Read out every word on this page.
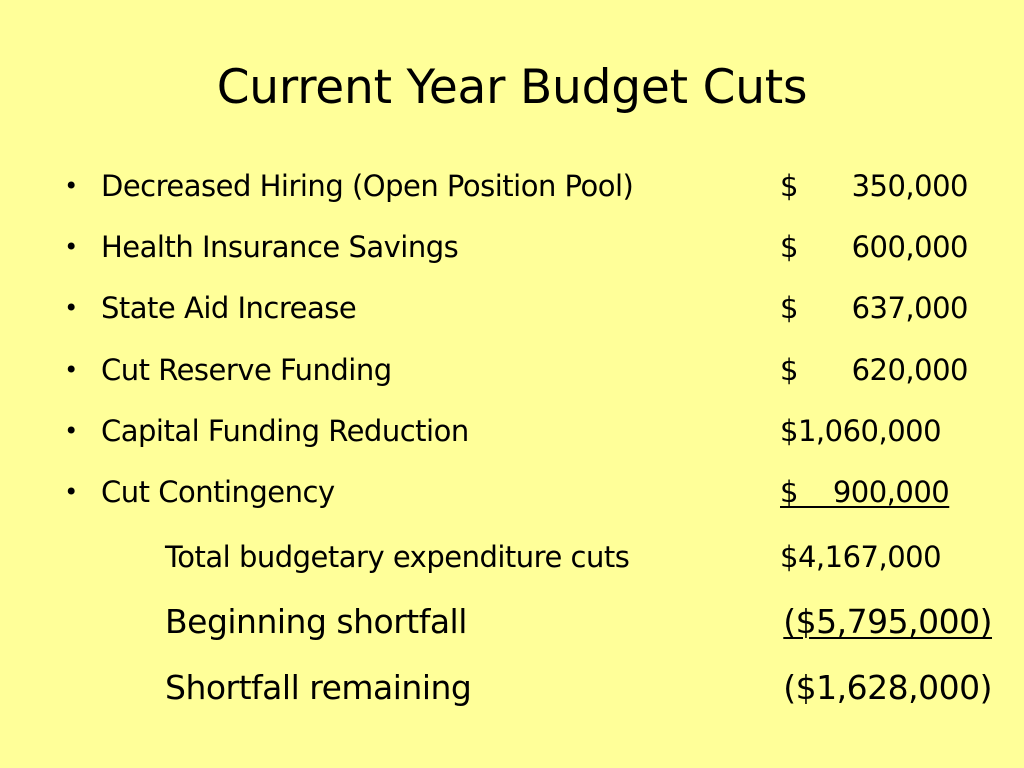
Current Year Budget Cuts
• Decreased Hiring (Open Position Pool)	$ 350,000
• Health Insurance Savings	$ 600,000
• State Aid Increase	$ 637,000
• Cut Reserve Funding	$ 620,000
• Capital Funding Reduction	$1,060,000
• Cut Contingency	$    900,000
Total budgetary expenditure cuts	$4,167,000
Beginning shortfall	($5,795,000)
Shortfall remaining	($1,628,000)
